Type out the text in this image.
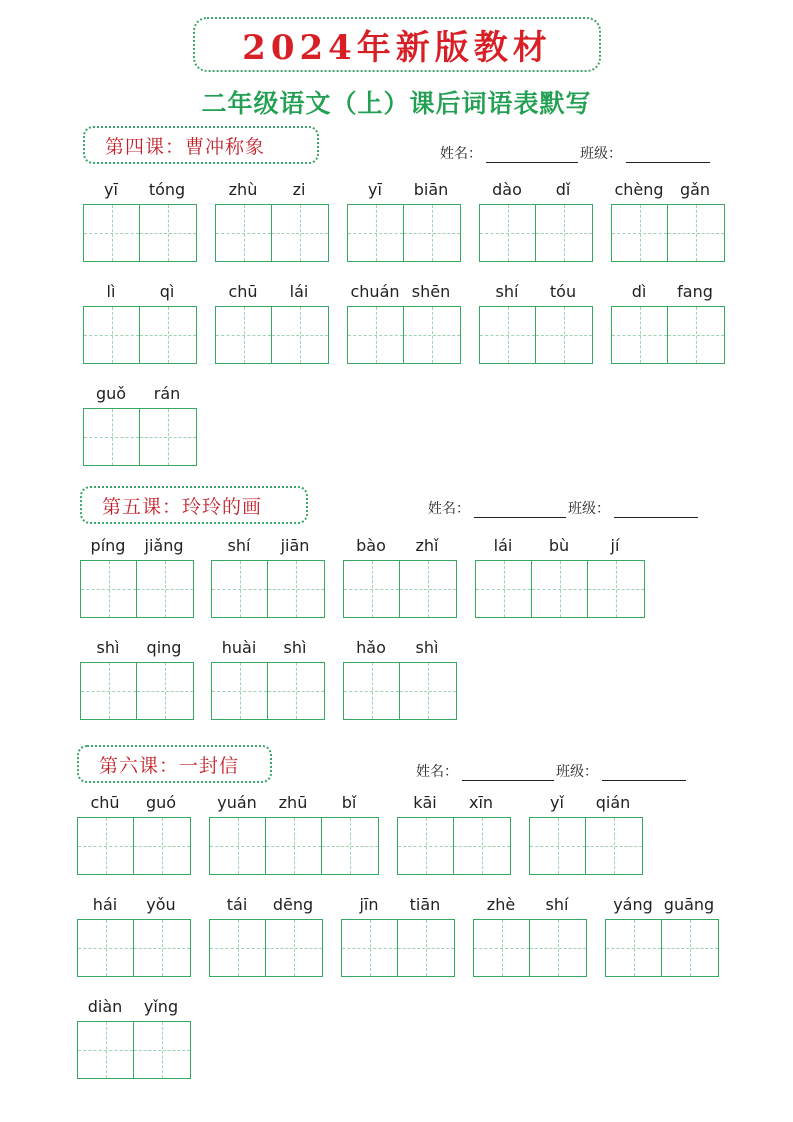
2024年新版教材
二年级语文（上）课后词语表默写
第四课：曹冲称象	姓名：	班级：
yī	tóng	zhù	zi	yī	biān	dào	dǐ	chèng	gǎn
lì	qì	chū	lái	chuán shēn	shí	tóu	dì	fang
guǒ	rán
第五课：玲玲的画	姓名：	班级：
píng	jiǎng	shí	jiān	bào	zhǐ	lái	bù	jí
shì	qing	huài	shì	hǎo	shì
第六课：一封信	姓名：	班级：
chū	guó	yuán	zhū	bǐ	kāi	xīn	yǐ	qián
hái	yǒu	tái	dēng	jīn	tiān	zhè	shí	yáng guāng
diàn	yǐng
